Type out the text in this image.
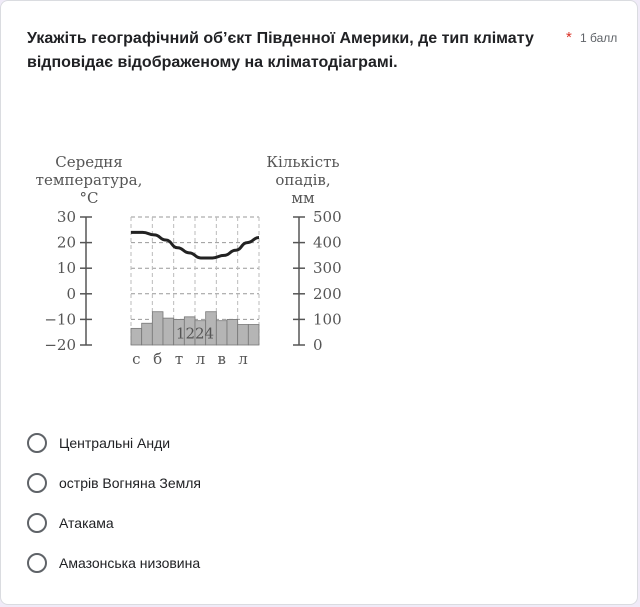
Укажіть географічний об’єкт Південної Америки, де тип клімату відповідає відображеному на кліматодіаграмі.
* 1 балл
Середня
температура,
°С
Кількість
опадів,
мм
30
20
10
0
−10
−20
500
400
300
200
100
0
1224
с б т л в л
Центральні Анди
острів Вогняна Земля
Атакама
Амазонська низовина
